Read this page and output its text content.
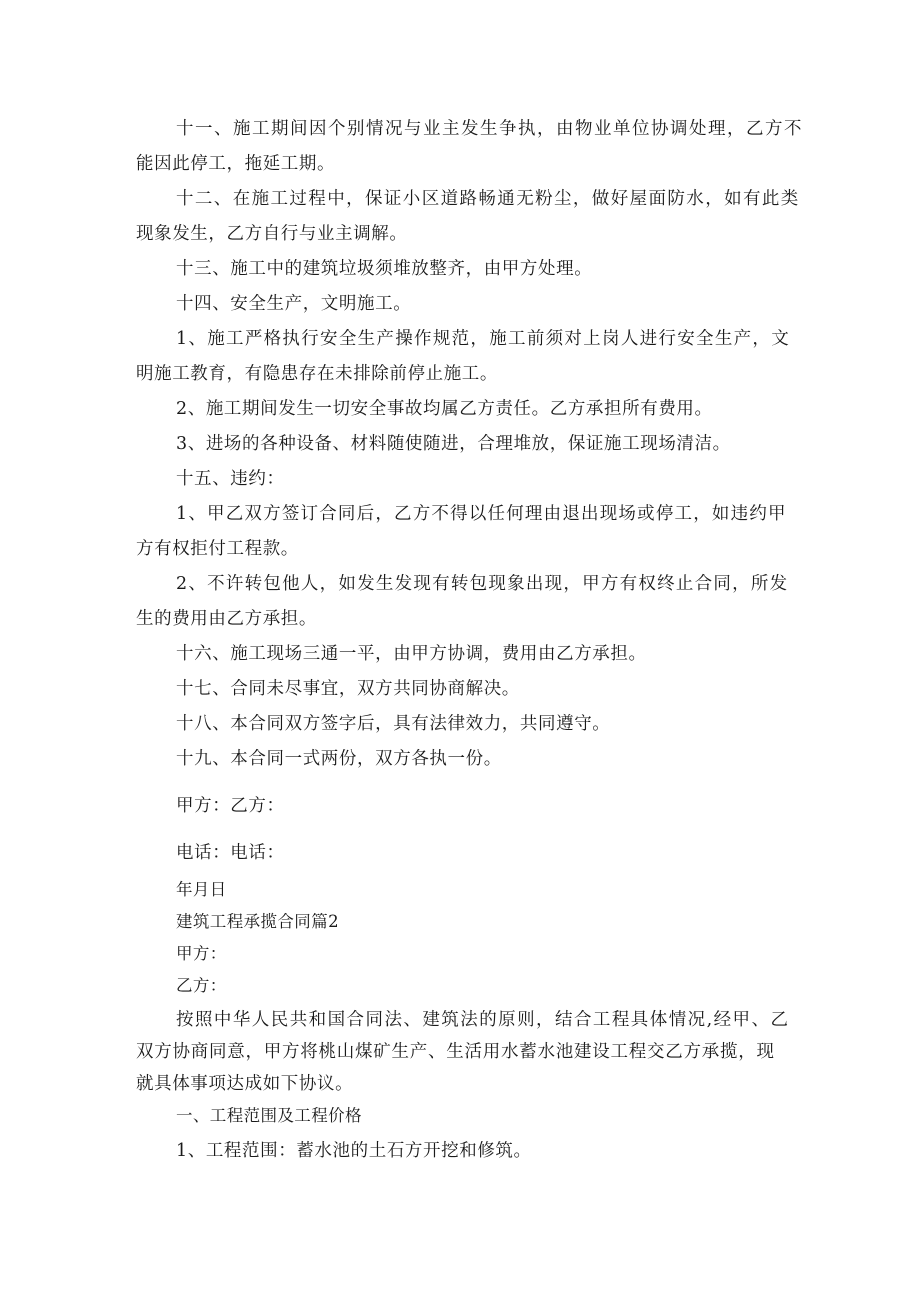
十一、施工期间因个别情况与业主发生争执，由物业单位协调处理，乙方不
能因此停工，拖延工期。
十二、在施工过程中，保证小区道路畅通无粉尘，做好屋面防水，如有此类
现象发生，乙方自行与业主调解。
十三、施工中的建筑垃圾须堆放整齐，由甲方处理。
十四、安全生产，文明施工。
1、施工严格执行安全生产操作规范，施工前须对上岗人进行安全生产，文
明施工教育，有隐患存在未排除前停止施工。
2、施工期间发生一切安全事故均属乙方责任。乙方承担所有费用。
3、进场的各种设备、材料随使随进，合理堆放，保证施工现场清洁。
十五、违约：
1、甲乙双方签订合同后，乙方不得以任何理由退出现场或停工，如违约甲
方有权拒付工程款。
2、不许转包他人，如发生发现有转包现象出现，甲方有权终止合同，所发
生的费用由乙方承担。
十六、施工现场三通一平，由甲方协调，费用由乙方承担。
十七、合同未尽事宜，双方共同协商解决。
十八、本合同双方签字后，具有法律效力，共同遵守。
十九、本合同一式两份，双方各执一份。
甲方：乙方：
电话：电话：
年月日
建筑工程承揽合同篇2
甲方：
乙方：
按照中华人民共和国合同法、建筑法的原则，结合工程具体情况,经甲、乙
双方协商同意，甲方将桃山煤矿生产、生活用水蓄水池建设工程交乙方承揽，现
就具体事项达成如下协议。
一、工程范围及工程价格
1、工程范围：蓄水池的土石方开挖和修筑。
